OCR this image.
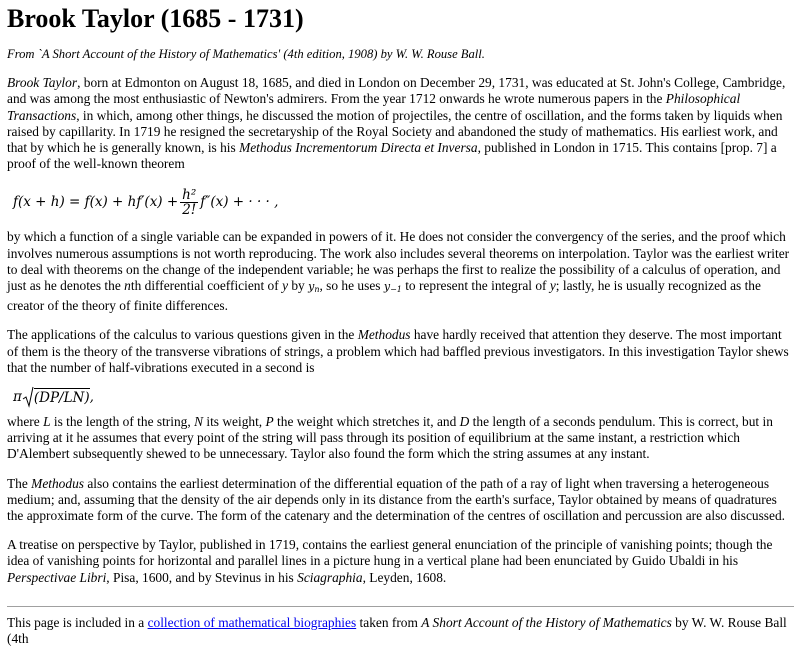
Brook Taylor (1685 - 1731)

From `A Short Account of the History of Mathematics' (4th edition, 1908) by W. W. Rouse Ball.

Brook Taylor, born at Edmonton on August 18, 1685, and died in London on December 29, 1731, was educated at St. John's College, Cambridge, and was among the most enthusiastic of Newton's admirers. From the year 1712 onwards he wrote numerous papers in the Philosophical Transactions, in which, among other things, he discussed the motion of projectiles, the centre of oscillation, and the forms taken by liquids when raised by capillarity. In 1719 he resigned the secretaryship of the Royal Society and abandoned the study of mathematics. His earliest work, and that by which he is generally known, is his Methodus Incrementorum Directa et Inversa, published in London in 1715. This contains [prop. 7] a proof of the well-known theorem

$f(x + h) = f(x) + hf'(x) + \frac{\text{h²}}{2!} f''(x)$ + · · · ,

by which a function of a single variable can be expanded in powers of it. He does not consider the convergency of the series, and the proof which involves numerous assumptions is not worth reproducing. The work also includes several theorems on interpolation. Taylor was the earliest writer to deal with theorems on the change of the independent variable; he was perhaps the first to realize the possibility of a calculus of operation, and just as he denotes the nth differential coefficient of y by $y_n$, so he uses $y_{-1}$ to represent the integral of y; lastly, he is usually recognized as the creator of the theory of finite differences.

The applications of the calculus to various questions given in the Methodus have hardly received that attention they deserve. The most important of them is the theory of the transverse vibrations of strings, a problem which had baffled previous investigators. In this investigation Taylor shews that the number of half-vibrations executed in a second is

π (DP/LN) ,

where L is the length of the string, N its weight, P the weight which stretches it, and D the length of a seconds pendulum. This is correct, but in arriving at it he assumes that every point of the string will pass through its position of equilibrium at the same instant, a restriction which D'Alembert subsequently shewed to be unnecessary. Taylor also found the form which the string assumes at any instant.

The Methodus also contains the earliest determination of the differential equation of the path of a ray of light when traversing a heterogeneous medium; and, assuming that the density of the air depends only in its distance from the earth's surface, Taylor obtained by means of quadratures the approximate form of the curve. The form of the catenary and the determination of the centres of oscillation and percussion are also discussed.

A treatise on perspective by Taylor, published in 1719, contains the earliest general enunciation of the principle of vanishing points; though the idea of vanishing points for horizontal and parallel lines in a picture hung in a vertical plane had been enunciated by Guido Ubaldi in his Perspectivae Libri, Pisa, 1600, and by Stevinus in his Sciagraphia, Leyden, 1608.

This page is included in a collection of mathematical biographies taken from A Short Account of the History of Mathematics by W. W. Rouse Ball (4th
